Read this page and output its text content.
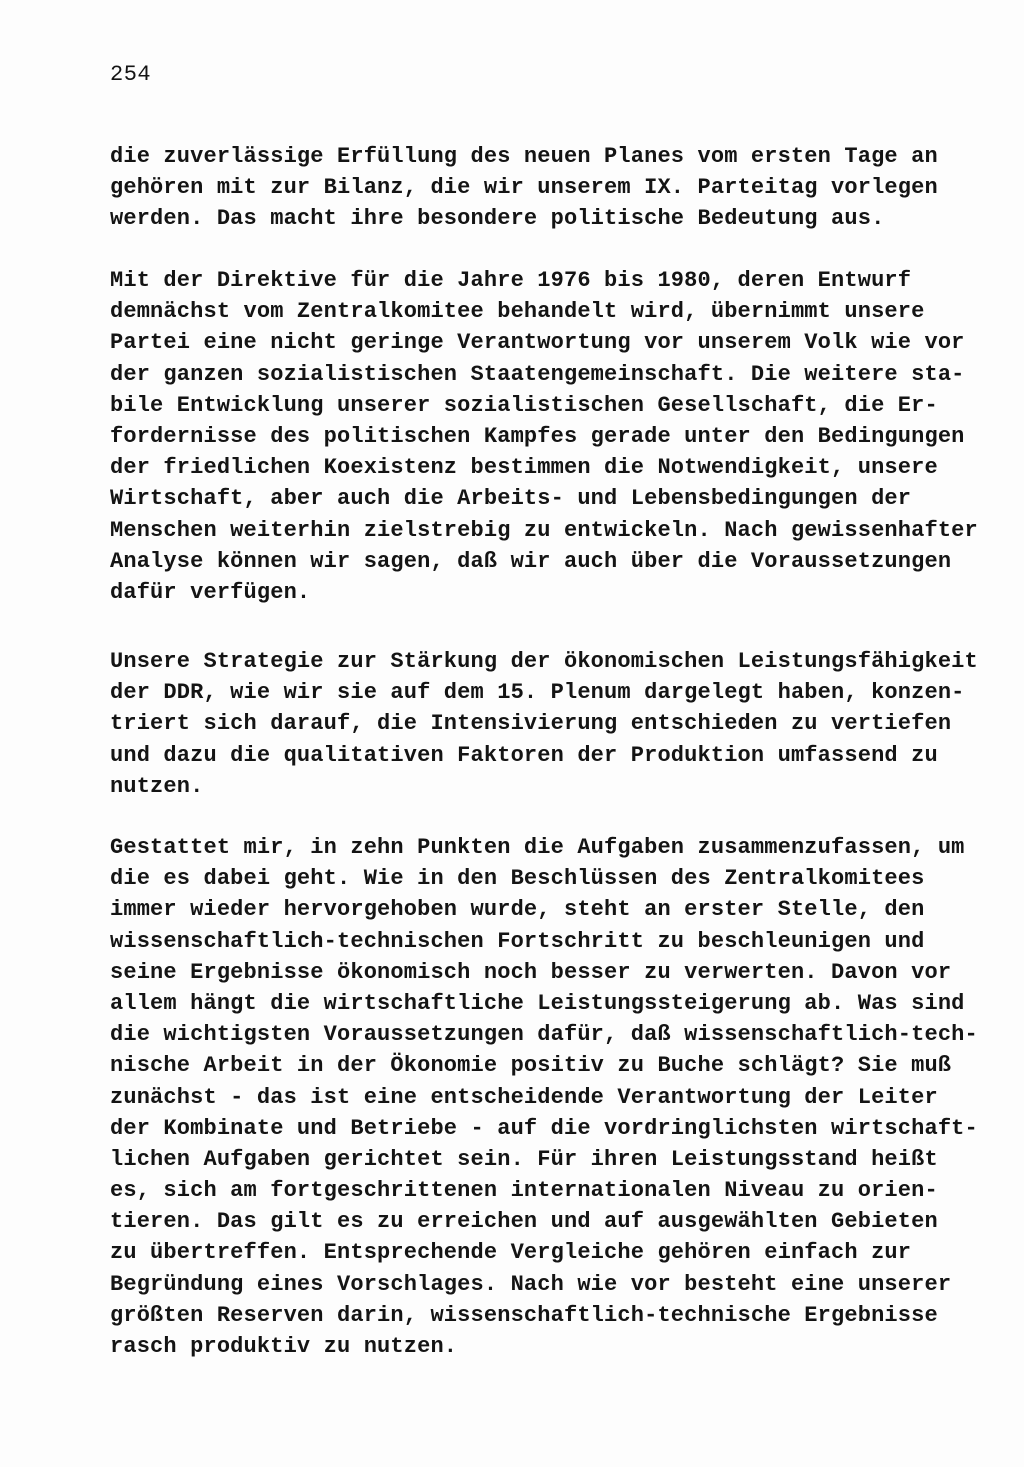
254
die zuverlässige Erfüllung des neuen Planes vom ersten Tage an
gehören mit zur Bilanz, die wir unserem IX. Parteitag vorlegen
werden. Das macht ihre besondere politische Bedeutung aus.
Mit der Direktive für die Jahre 1976 bis 1980, deren Entwurf
demnächst vom Zentralkomitee behandelt wird, übernimmt unsere
Partei eine nicht geringe Verantwortung vor unserem Volk wie vor
der ganzen sozialistischen Staatengemeinschaft. Die weitere sta-
bile Entwicklung unserer sozialistischen Gesellschaft, die Er-
fordernisse des politischen Kampfes gerade unter den Bedingungen
der friedlichen Koexistenz bestimmen die Notwendigkeit, unsere
Wirtschaft, aber auch die Arbeits- und Lebensbedingungen der
Menschen weiterhin zielstrebig zu entwickeln. Nach gewissenhafter
Analyse können wir sagen, daß wir auch über die Voraussetzungen
dafür verfügen.
Unsere Strategie zur Stärkung der ökonomischen Leistungsfähigkeit
der DDR, wie wir sie auf dem 15. Plenum dargelegt haben, konzen-
triert sich darauf, die Intensivierung entschieden zu vertiefen
und dazu die qualitativen Faktoren der Produktion umfassend zu
nutzen.
Gestattet mir, in zehn Punkten die Aufgaben zusammenzufassen, um
die es dabei geht. Wie in den Beschlüssen des Zentralkomitees
immer wieder hervorgehoben wurde, steht an erster Stelle, den
wissenschaftlich-technischen Fortschritt zu beschleunigen und
seine Ergebnisse ökonomisch noch besser zu verwerten. Davon vor
allem hängt die wirtschaftliche Leistungssteigerung ab. Was sind
die wichtigsten Voraussetzungen dafür, daß wissenschaftlich-tech-
nische Arbeit in der Ökonomie positiv zu Buche schlägt? Sie muß
zunächst - das ist eine entscheidende Verantwortung der Leiter
der Kombinate und Betriebe - auf die vordringlichsten wirtschaft-
lichen Aufgaben gerichtet sein. Für ihren Leistungsstand heißt
es, sich am fortgeschrittenen internationalen Niveau zu orien-
tieren. Das gilt es zu erreichen und auf ausgewählten Gebieten
zu übertreffen. Entsprechende Vergleiche gehören einfach zur
Begründung eines Vorschlages. Nach wie vor besteht eine unserer
größten Reserven darin, wissenschaftlich-technische Ergebnisse
rasch produktiv zu nutzen.
